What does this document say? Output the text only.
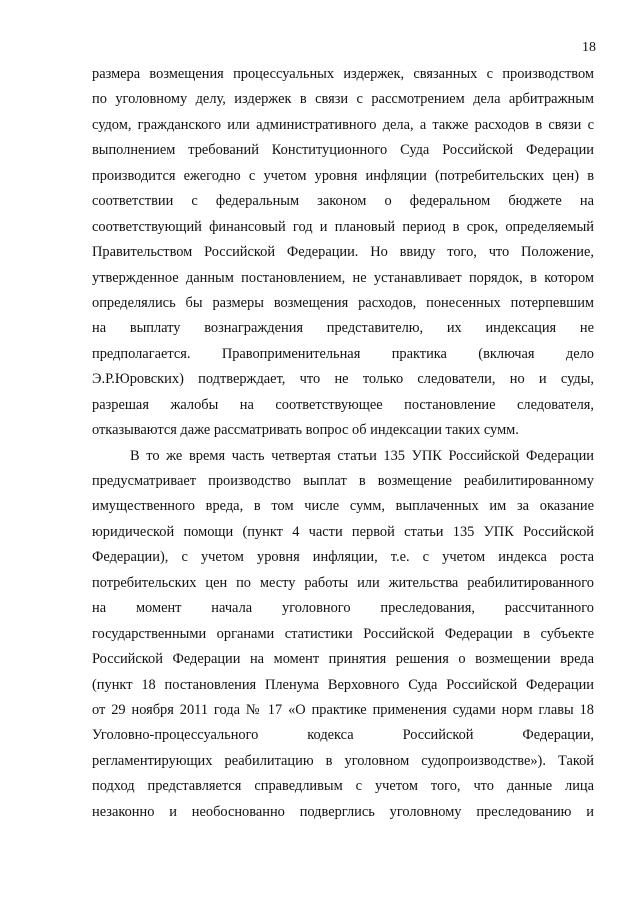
18
размера возмещения процессуальных издержек, связанных с производством
по уголовному делу, издержек в связи с рассмотрением дела арбитражным
судом, гражданского или административного дела, а также расходов в связи с
выполнением требований Конституционного Суда Российской Федерации
производится ежегодно с учетом уровня инфляции (потребительских цен) в
соответствии с федеральным законом о федеральном бюджете на
соответствующий финансовый год и плановый период в срок, определяемый
Правительством Российской Федерации. Но ввиду того, что Положение,
утвержденное данным постановлением, не устанавливает порядок, в котором
определялись бы размеры возмещения расходов, понесенных потерпевшим
на выплату вознаграждения представителю, их индексация не
предполагается. Правоприменительная практика (включая дело
Э.Р.Юровских) подтверждает, что не только следователи, но и суды,
разрешая жалобы на соответствующее постановление следователя,
отказываются даже рассматривать вопрос об индексации таких сумм.
В то же время часть четвертая статьи 135 УПК Российской Федерации
предусматривает производство выплат в возмещение реабилитированному
имущественного вреда, в том числе сумм, выплаченных им за оказание
юридической помощи (пункт 4 части первой статьи 135 УПК Российской
Федерации), с учетом уровня инфляции, т.е. с учетом индекса роста
потребительских цен по месту работы или жительства реабилитированного
на момент начала уголовного преследования, рассчитанного
государственными органами статистики Российской Федерации в субъекте
Российской Федерации на момент принятия решения о возмещении вреда
(пункт 18 постановления Пленума Верховного Суда Российской Федерации
от 29 ноября 2011 года № 17 «О практике применения судами норм главы 18
Уголовно-процессуального кодекса Российской Федерации,
регламентирующих реабилитацию в уголовном судопроизводстве»). Такой
подход представляется справедливым с учетом того, что данные лица
незаконно и необоснованно подверглись уголовному преследованию и
